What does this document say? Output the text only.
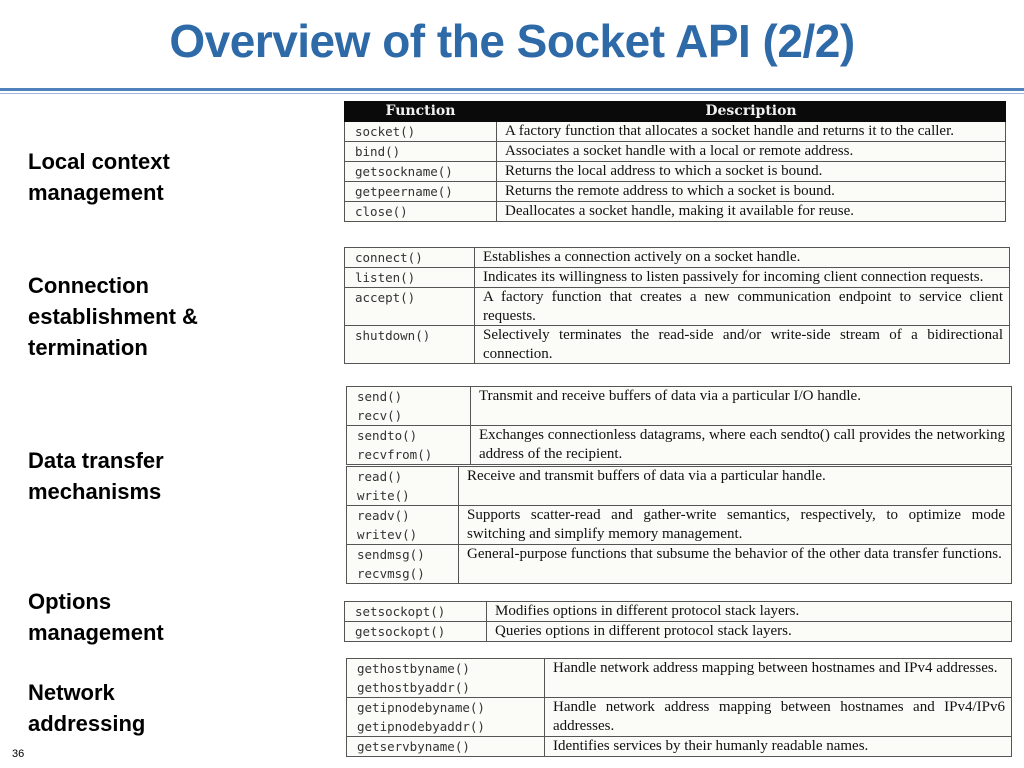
Overview of the Socket API (2/2)
Local context
management
Connection
establishment &
termination
Data transfer
mechanisms
Options
management
Network
addressing
Function	Description

socket()	A factory function that allocates a socket handle and returns it to the caller.

bind()	Associates a socket handle with a local or remote address.

getsockname()	Returns the local address to which a socket is bound.

getpeername()	Returns the remote address to which a socket is bound.

close()	Deallocates a socket handle, making it available for reuse.
connect()	Establishes a connection actively on a socket handle.

listen()	Indicates its willingness to listen passively for incoming client connection requests.

accept()	A factory function that creates a new communication endpoint to service client requests.

shutdown()	Selectively terminates the read-side and/or write-side stream of a bidirectional connection.
send()
recv()	Transmit and receive buffers of data via a particular I/O handle.

sendto()
recvfrom()	Exchanges connectionless datagrams, where each sendto() call provides the networking address of the recipient.
read()
write()	Receive and transmit buffers of data via a particular handle.

readv()
writev()	Supports scatter-read and gather-write semantics, respectively, to optimize mode switching and simplify memory management.

sendmsg()
recvmsg()	General-purpose functions that subsume the behavior of the other data transfer functions.
setsockopt()	Modifies options in different protocol stack layers.

getsockopt()	Queries options in different protocol stack layers.
gethostbyname()
gethostbyaddr()	Handle network address mapping between hostnames and IPv4 addresses.

getipnodebyname()
getipnodebyaddr()	Handle network address mapping between hostnames and IPv4/IPv6 addresses.

getservbyname()	Identifies services by their humanly readable names.
36
